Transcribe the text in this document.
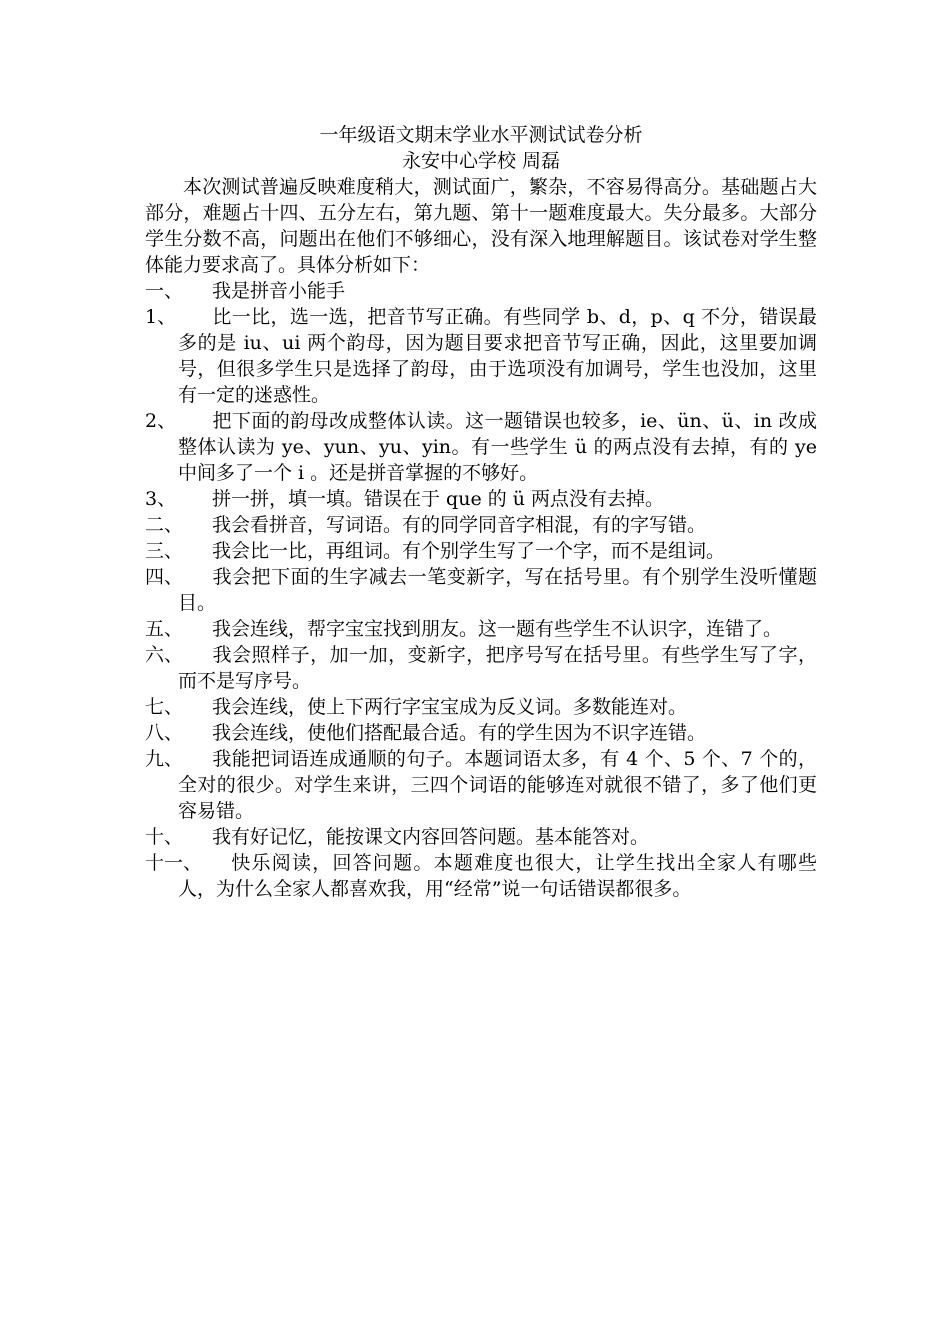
一年级语文期末学业水平测试试卷分析

永安中心学校 周磊

本次测试普遍反映难度稍大，测试面广，繁杂，不容易得高分。基础题占大部分，难题占十四、五分左右，第九题、第十一题难度最大。失分最多。大部分学生分数不高，问题出在他们不够细心，没有深入地理解题目。该试卷对学生整体能力要求高了。具体分析如下：

一、 我是拼音小能手

1、 比一比，选一选，把音节写正确。有些同学 b、d，p、q 不分，错误最多的是 iu、ui 两个韵母，因为题目要求把音节写正确，因此，这里要加调号，但很多学生只是选择了韵母，由于选项没有加调号，学生也没加，这里有一定的迷惑性。

2、 把下面的韵母改成整体认读。这一题错误也较多，ie、ün、ü、in 改成整体认读为 ye、yun、yu、yin。有一些学生 ü 的两点没有去掉，有的 ye 中间多了一个 i 。还是拼音掌握的不够好。

3、 拼一拼，填一填。错误在于 que 的 ü 两点没有去掉。

二、 我会看拼音，写词语。有的同学同音字相混，有的字写错。

三、 我会比一比，再组词。有个别学生写了一个字，而不是组词。

四、 我会把下面的生字减去一笔变新字，写在括号里。有个别学生没听懂题目。

五、 我会连线，帮字宝宝找到朋友。这一题有些学生不认识字，连错了。

六、 我会照样子，加一加，变新字，把序号写在括号里。有些学生写了字，而不是写序号。

七、 我会连线，使上下两行字宝宝成为反义词。多数能连对。

八、 我会连线，使他们搭配最合适。有的学生因为不识字连错。

九、 我能把词语连成通顺的句子。本题词语太多，有 4 个、5 个、7 个的，全对的很少。对学生来讲，三四个词语的能够连对就很不错了，多了他们更容易错。

十、 我有好记忆，能按课文内容回答问题。基本能答对。

十一、 快乐阅读，回答问题。本题难度也很大，让学生找出全家人有哪些人，为什么全家人都喜欢我，用“经常”说一句话错误都很多。
